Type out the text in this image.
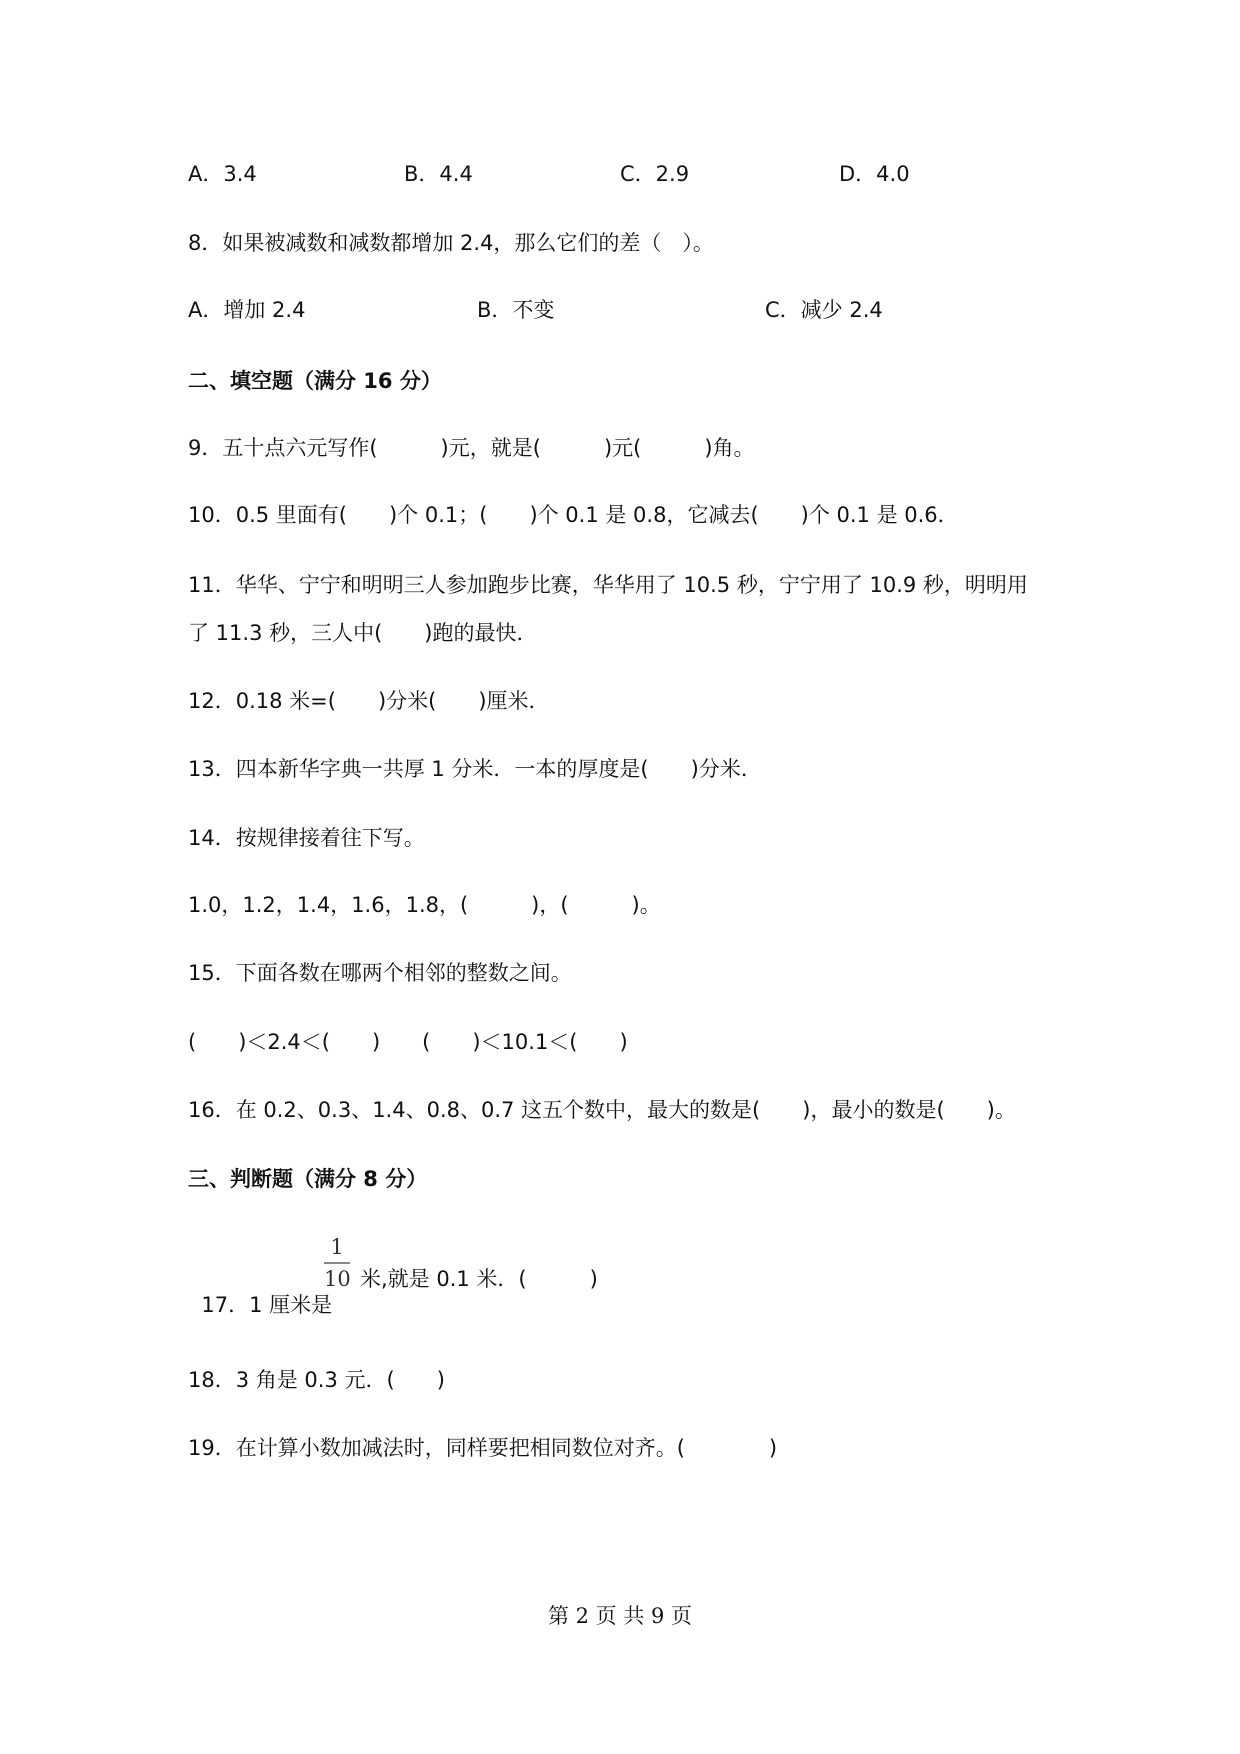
A．3.4	B．4.4	C．2.9	D．4.0
8．如果被减数和减数都增加 2.4，那么它们的差（　）。
A．增加 2.4	B．不变	C．减少 2.4
二、填空题（满分 16 分）
9．五十点六元写作(　　　)元，就是(　　　)元(　　　)角。
10．0.5 里面有(　　)个 0.1；(　　)个 0.1 是 0.8，它减去(　　)个 0.1 是 0.6．
11．华华、宁宁和明明三人参加跑步比赛，华华用了 10.5 秒，宁宁用了 10.9 秒，明明用
了 11.3 秒，三人中(　　)跑的最快．
12．0.18 米=(　　)分米(　　)厘米．
13．四本新华字典一共厚 1 分米．一本的厚度是(　　)分米．
14．按规律接着往下写。
1.0，1.2，1.4，1.6，1.8，(　　　)，(　　　)。
15．下面各数在哪两个相邻的整数之间。
(　　)＜2.4＜(　　)　　(　　)＜10.1＜(　　)
16．在 0.2、0.3、1.4、0.8、0.7 这五个数中，最大的数是(　　)，最小的数是(　　)。
三、判断题（满分 8 分）

17．1 厘米是

1
10 米,就是 0.1 米．(　　　)
18．3 角是 0.3 元．(　　)
19．在计算小数加减法时，同样要把相同数位对齐。(　　　　)
第 2 页 共 9 页
